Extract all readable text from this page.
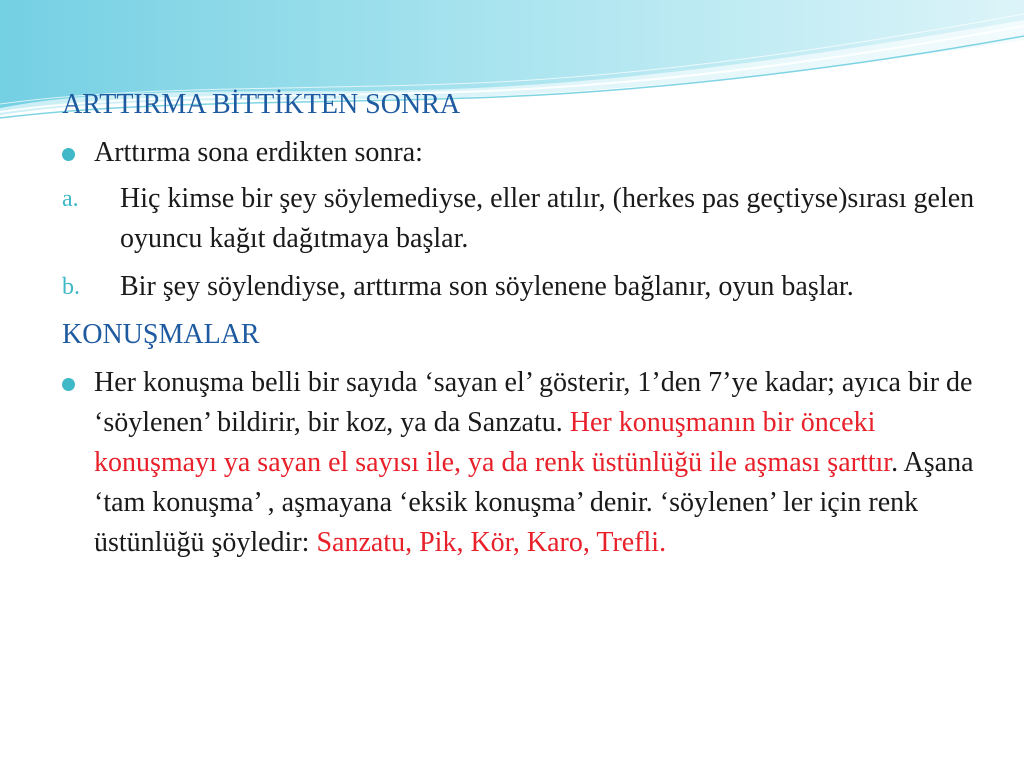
ARTTIRMA BİTTİKTEN SONRA
Arttırma sona erdikten sonra:
a. Hiç kimse bir şey söylemediyse, eller atılır, (herkes pas geçtiyse)sırası gelen oyuncu kağıt dağıtmaya başlar.
b. Bir şey söylendiyse, arttırma son söylenene bağlanır, oyun başlar.
KONUŞMALAR
Her konuşma belli bir sayıda ‘sayan el’ gösterir, 1’den 7’ye kadar; ayıca bir de ‘söylenen’ bildirir, bir koz, ya da Sanzatu. Her konuşmanın bir önceki konuşmayı ya sayan el sayısı ile, ya da renk üstünlüğü ile aşması şarttır. Aşana ‘tam konuşma’ , aşmayana ‘eksik konuşma’ denir. ‘söylenen’ ler için renk üstünlüğü şöyledir: Sanzatu, Pik, Kör, Karo, Trefli.
